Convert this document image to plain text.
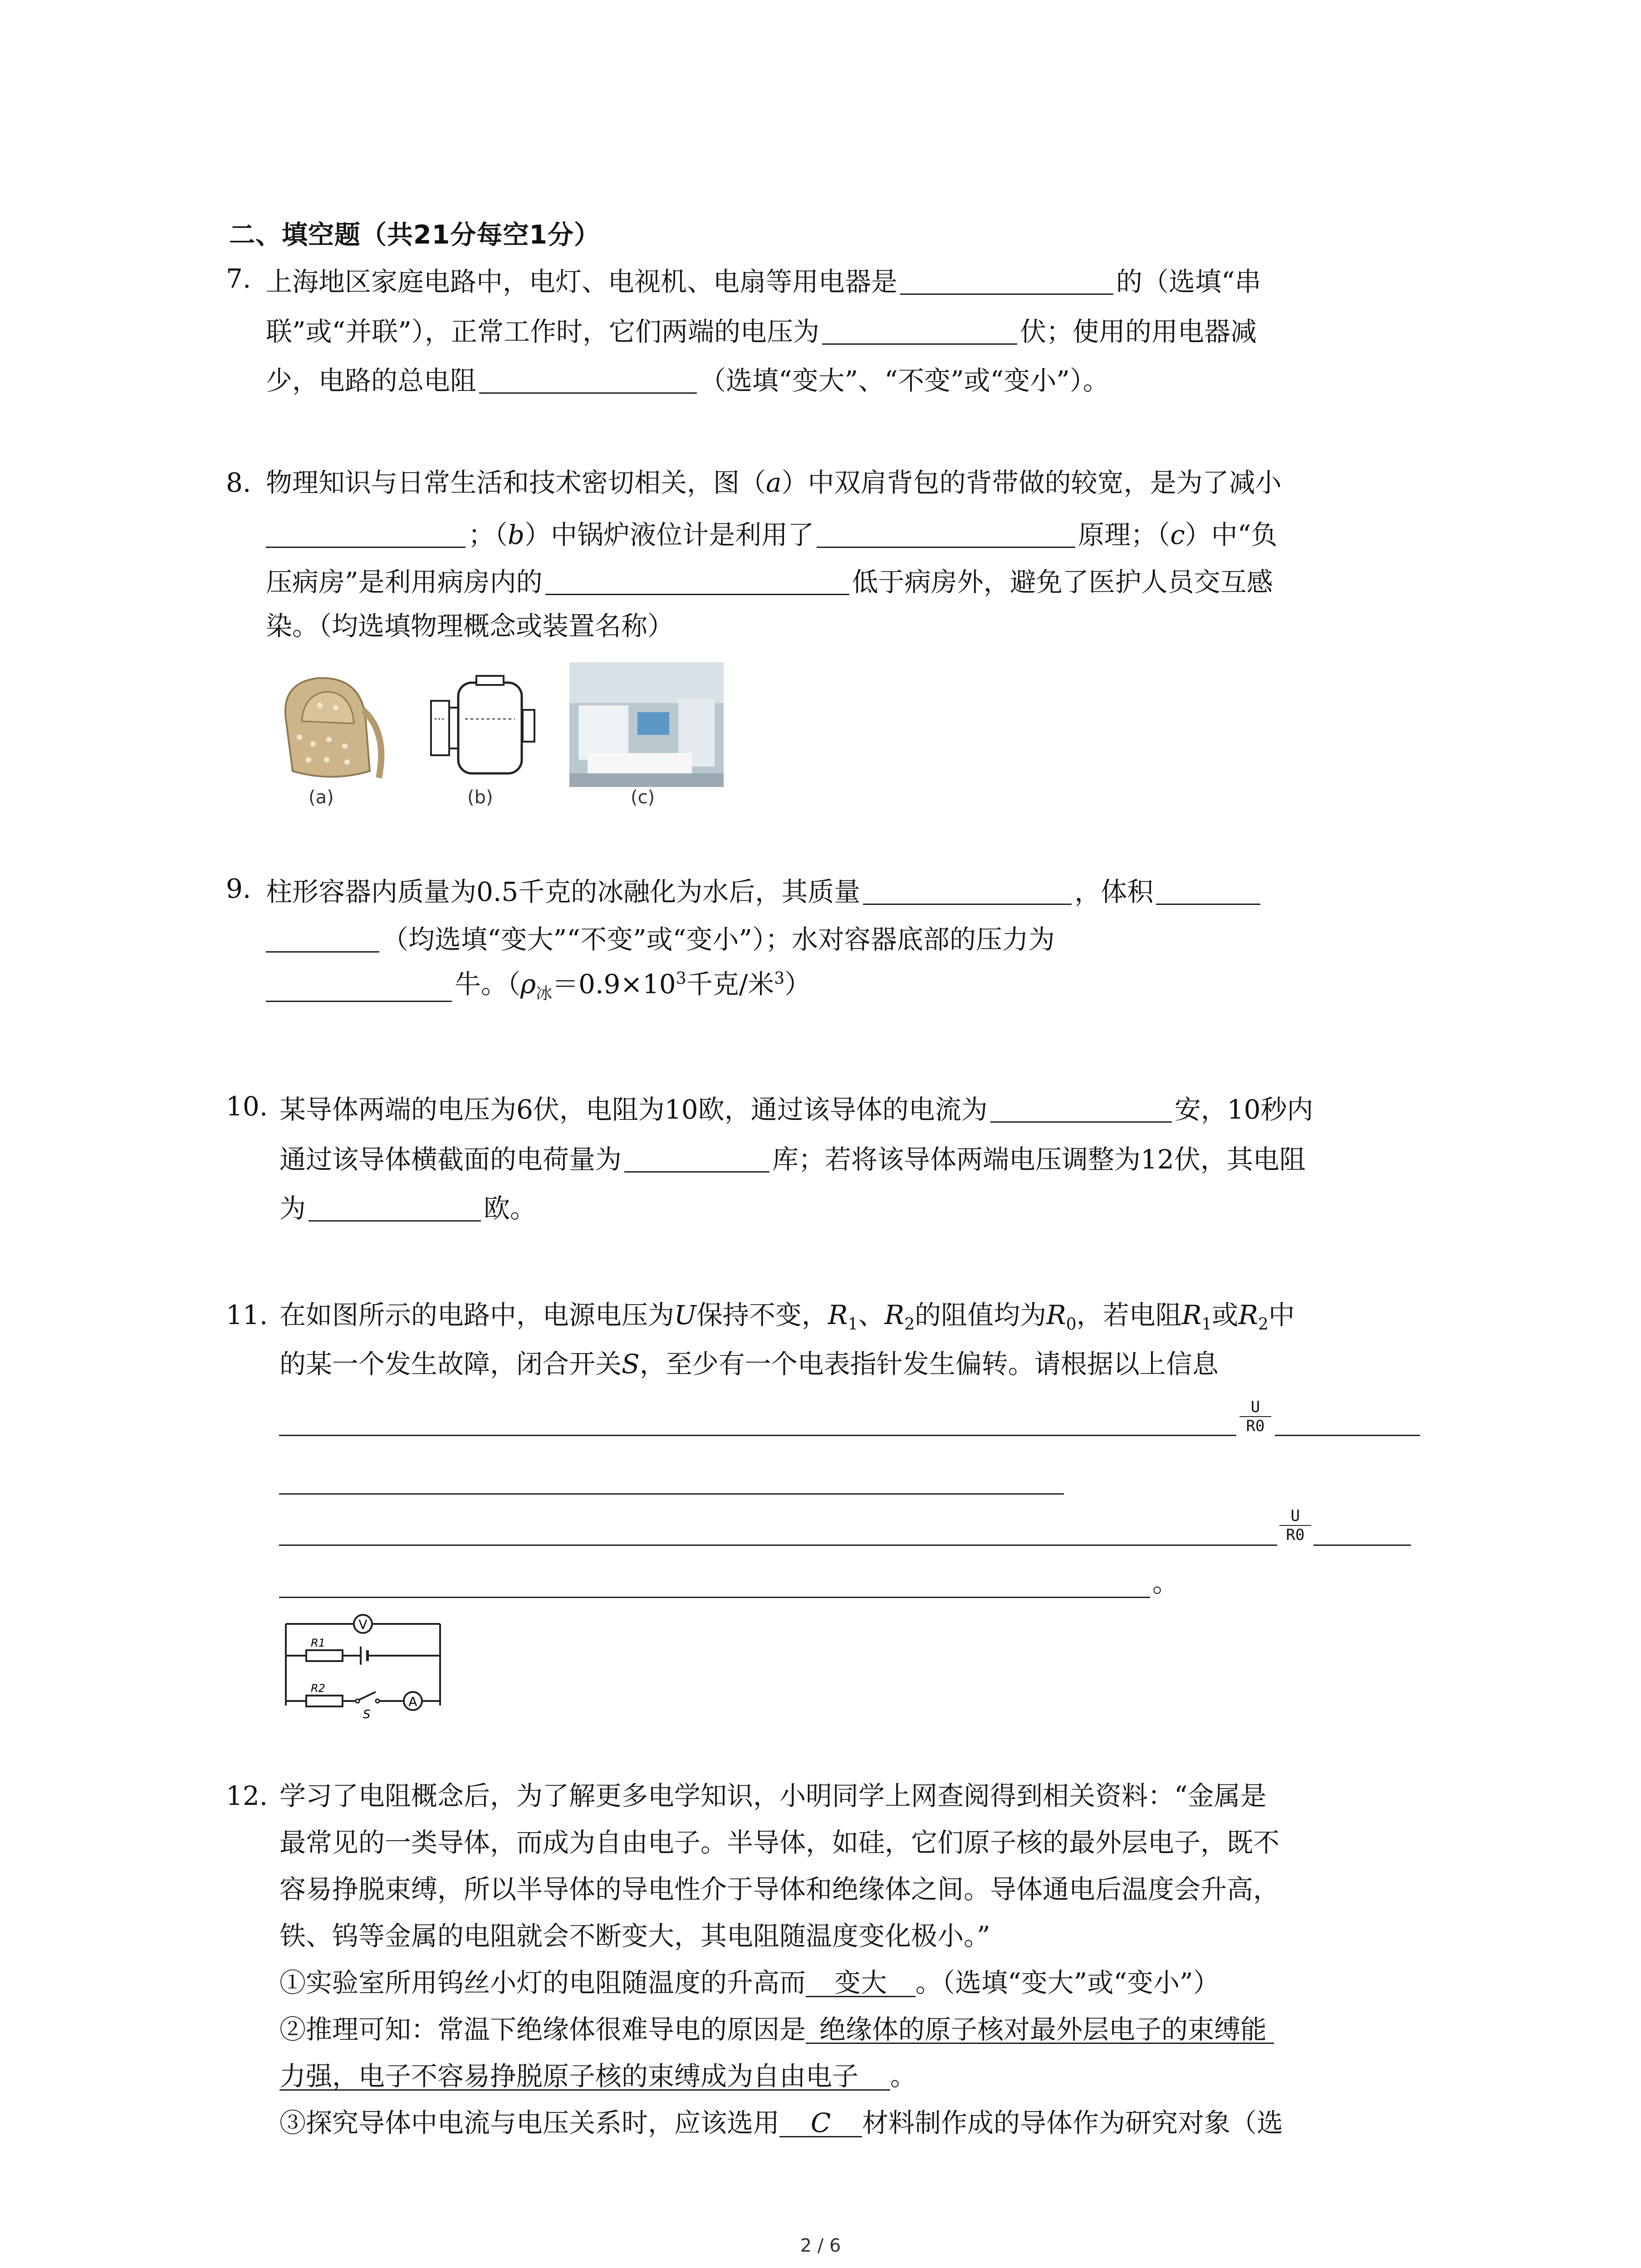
二、填空题（共21分每空1分）
7. 上海地区家庭电路中，电灯、电视机、电扇等用电器是	的（选填“串
联”或“并联”），正常工作时，它们两端的电压为	伏；使用的用电器减
少，电路的总电阻	（选填“变大”、“不变”或“变小”）。
8. 物理知识与日常生活和技术密切相关，图（a）中双肩背包的背带做的较宽，是为了减小
；（b）中锅炉液位计是利用了	原理；（c）中“负
压病房”是利用病房内的	低于病房外，避免了医护人员交互感
染。（均选填物理概念或装置名称）
(a)	(b)	(c)
9. 柱形容器内质量为0.5千克的冰融化为水后，其质量	，体积
（均选填“变大”“不变”或“变小”）；水对容器底部的压力为
牛。（$\rho_冰=0.9\times 10^3$千克/米$^3$）
10. 某导体两端的电压为6伏，电阻为10欧，通过该导体的电流为	安，10秒内
通过该导体横截面的电荷量为	库；若将该导体两端电压调整为12伏，其电阻
为	欧。
11. 在如图所示的电路中，电源电压为U保持不变，$R_1$、$R_2$的阻值均为$R_0$，若电阻$R_1$或$R_2$中
的某一个发生故障，闭合开关S，至少有一个电表指针发生偏转。请根据以上信息
$\frac{U}{R0}$
$\frac{U}{R0}$
。
V
R1
R2
S
A
12. 学习了电阻概念后，为了解更多电学知识，小明同学上网查阅得到相关资料：“金属是
最常见的一类导体，而成为自由电子。半导体，如硅，它们原子核的最外层电子，既不
容易挣脱束缚，所以半导体的导电性介于导体和绝缘体之间。导体通电后温度会升高，
铁、钨等金属的电阻就会不断变大，其电阻随温度变化极小。”
①实验室所用钨丝小灯的电阻随温度的升高而 变大 。（选填“变大”或“变小”）
②推理可知：常温下绝缘体很难导电的原因是 绝缘体的原子核对最外层电子的束缚能
力强，电子不容易挣脱原子核的束缚成为自由电子 。
③探究导体中电流与电压关系时，应该选用 C 材料制作成的导体作为研究对象（选
2 / 6
